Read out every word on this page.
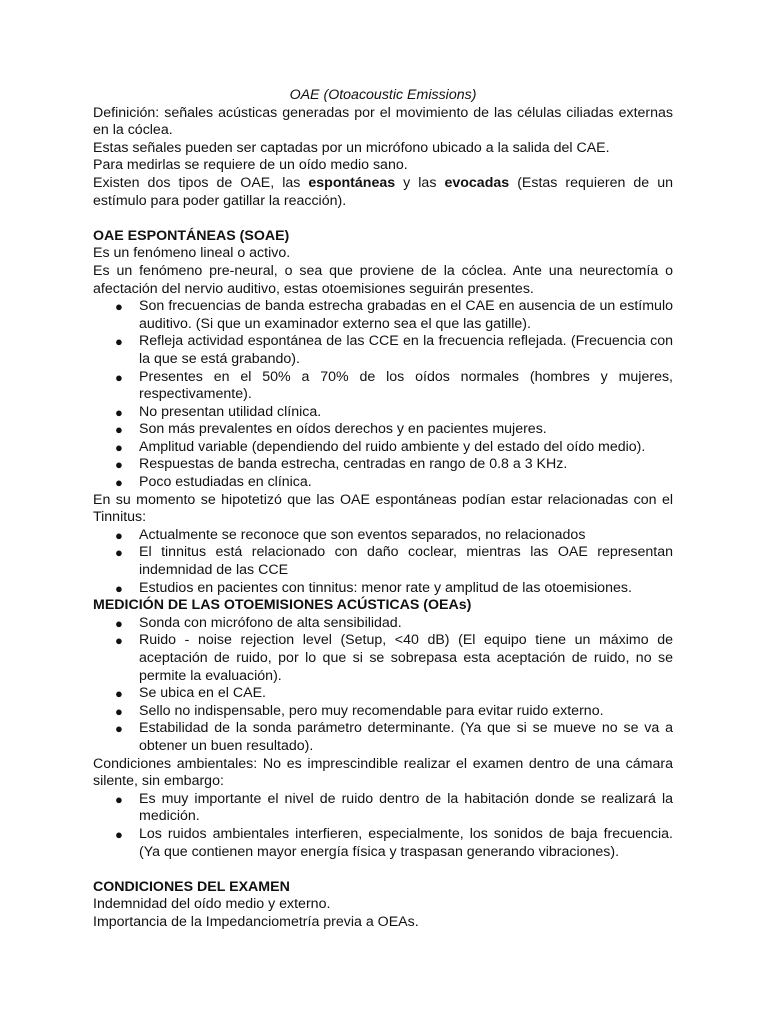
OAE (Otoacoustic Emissions)

Definición: señales acústicas generadas por el movimiento de las células ciliadas externas en la cóclea.

Estas señales pueden ser captadas por un micrófono ubicado a la salida del CAE.

Para medirlas se requiere de un oído medio sano.

Existen dos tipos de OAE, las espontáneas y las evocadas (Estas requieren de un estímulo para poder gatillar la reacción).

OAE ESPONTÁNEAS (SOAE)

Es un fenómeno lineal o activo.

Es un fenómeno pre-neural, o sea que proviene de la cóclea. Ante una neurectomía o afectación del nervio auditivo, estas otoemisiones seguirán presentes.

● Son frecuencias de banda estrecha grabadas en el CAE en ausencia de un estímulo auditivo. (Si que un examinador externo sea el que las gatille).
● Refleja actividad espontánea de las CCE en la frecuencia reflejada. (Frecuencia con la que se está grabando).
● Presentes en el 50% a 70% de los oídos normales (hombres y mujeres, respectivamente).
● No presentan utilidad clínica.
● Son más prevalentes en oídos derechos y en pacientes mujeres.
● Amplitud variable (dependiendo del ruido ambiente y del estado del oído medio).
● Respuestas de banda estrecha, centradas en rango de 0.8 a 3 KHz.
● Poco estudiadas en clínica.

En su momento se hipotetizó que las OAE espontáneas podían estar relacionadas con el Tinnitus:

● Actualmente se reconoce que son eventos separados, no relacionados
● El tinnitus está relacionado con daño coclear, mientras las OAE representan indemnidad de las CCE
● Estudios en pacientes con tinnitus: menor rate y amplitud de las otoemisiones.

MEDICIÓN DE LAS OTOEMISIONES ACÚSTICAS (OEAs)

● Sonda con micrófono de alta sensibilidad.
● Ruido - noise rejection level (Setup, <40 dB) (El equipo tiene un máximo de aceptación de ruido, por lo que si se sobrepasa esta aceptación de ruido, no se permite la evaluación).
● Se ubica en el CAE.
● Sello no indispensable, pero muy recomendable para evitar ruido externo.
● Estabilidad de la sonda parámetro determinante. (Ya que si se mueve no se va a obtener un buen resultado).

Condiciones ambientales: No es imprescindible realizar el examen dentro de una cámara silente, sin embargo:

● Es muy importante el nivel de ruido dentro de la habitación donde se realizará la medición.
● Los ruidos ambientales interfieren, especialmente, los sonidos de baja frecuencia. (Ya que contienen mayor energía física y traspasan generando vibraciones).

CONDICIONES DEL EXAMEN

Indemnidad del oído medio y externo.

Importancia de la Impedanciometría previa a OEAs.
